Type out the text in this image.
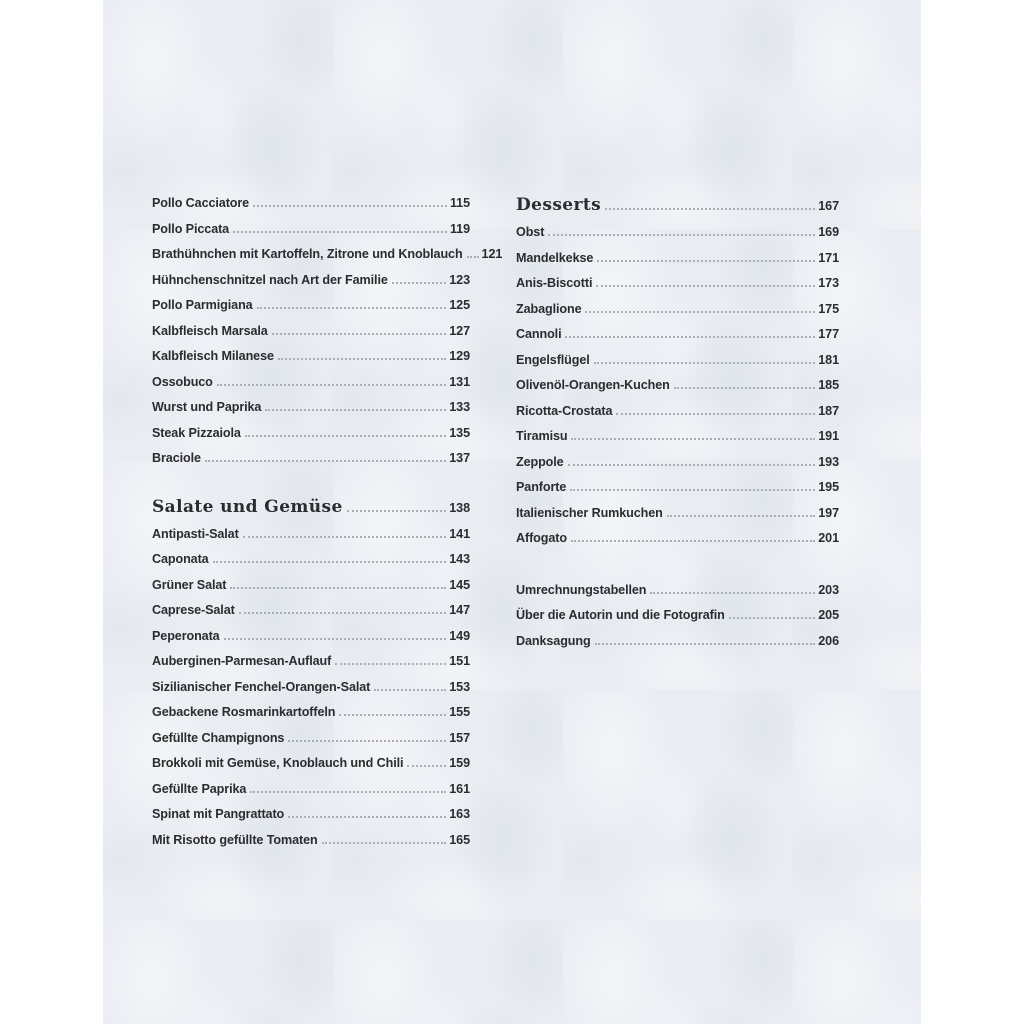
Pollo Cacciatore	115
Pollo Piccata	119
Brathühnchen mit Kartoffeln, Zitrone und Knoblauch 121
Hühnchenschnitzel nach Art der Familie	123
Pollo Parmigiana	125
Kalbfleisch Marsala	127
Kalbfleisch Milanese	129
Ossobuco	131
Wurst und Paprika	133
Steak Pizzaiola	135
Braciole	137
Salate und Gemüse	138
Antipasti-Salat	141
Caponata	143
Grüner Salat	145
Caprese-Salat	147
Peperonata	149
Auberginen-Parmesan-Auflauf	151
Sizilianischer Fenchel-Orangen-Salat	153
Gebackene Rosmarinkartoffeln	155
Gefüllte Champignons	157
Brokkoli mit Gemüse, Knoblauch und Chili	159
Gefüllte Paprika	161
Spinat mit Pangrattato	163
Mit Risotto gefüllte Tomaten	165
Desserts	167
Obst	169
Mandelkekse	171
Anis-Biscotti	173
Zabaglione	175
Cannoli	177
Engelsflügel	181
Olivenöl-Orangen-Kuchen	185
Ricotta-Crostata	187
Tiramisu	191
Zeppole	193
Panforte	195
Italienischer Rumkuchen	197
Affogato	201
Umrechnungstabellen	203
Über die Autorin und die Fotografin	205
Danksagung	206
